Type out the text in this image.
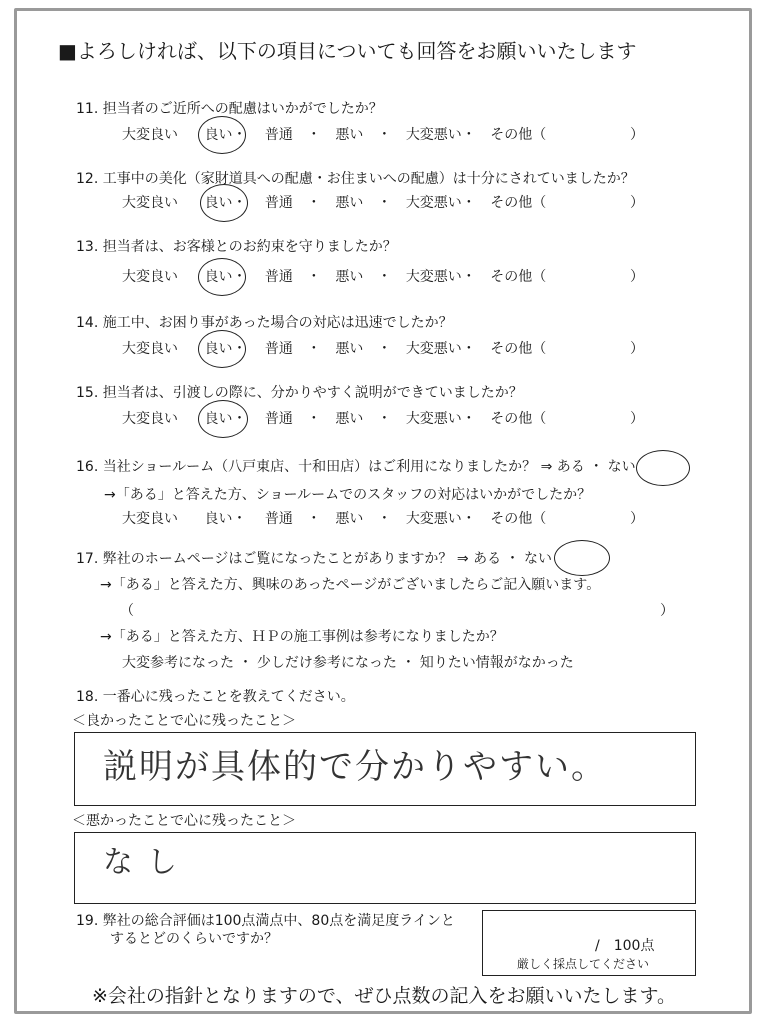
■よろしければ、以下の項目についても回答をお願いいたします
11. 担当者のご近所への配慮はいかがでしたか？
大変良い 良い・ 普通　・ 悪い　・ 大変悪い・ その他（	）
12. 工事中の美化（家財道具への配慮・お住まいへの配慮）は十分にされていましたか？
大変良い 良い・ 普通　・ 悪い　・ 大変悪い・ その他（	）
13. 担当者は、お客様とのお約束を守りましたか？
大変良い 良い・ 普通　・ 悪い　・ 大変悪い・ その他（	）
14. 施工中、お困り事があった場合の対応は迅速でしたか？
大変良い 良い・ 普通　・ 悪い　・ 大変悪い・ その他（	）
15. 担当者は、引渡しの際に、分かりやすく説明ができていましたか？
大変良い 良い・ 普通　・ 悪い　・ 大変悪い・ その他（	）
16. 当社ショールーム（八戸東店、十和田店）はご利用になりましたか？ ⇒ ある ・ ない
→「ある」と答えた方、ショールームでのスタッフの対応はいかがでしたか？
大変良い 良い・ 普通　・ 悪い　・ 大変悪い・ その他（	）
17. 弊社のホームページはご覧になったことがありますか？ ⇒ ある ・ ない
→「ある」と答えた方、興味のあったページがございましたらご記入願います。
（	）
→「ある」と答えた方、ＨＰの施工事例は参考になりましたか？
大変参考になった ・ 少しだけ参考になった ・ 知りたい情報がなかった
18. 一番心に残ったことを教えてください。
＜良かったことで心に残ったこと＞
説明が具体的で分かりやすい。
＜悪かったことで心に残ったこと＞
なし
19. 弊社の総合評価は100点満点中、80点を満足度ラインと
するとどのくらいですか？	/　100点
厳しく採点してください
※会社の指針となりますので、ぜひ点数の記入をお願いいたします。
